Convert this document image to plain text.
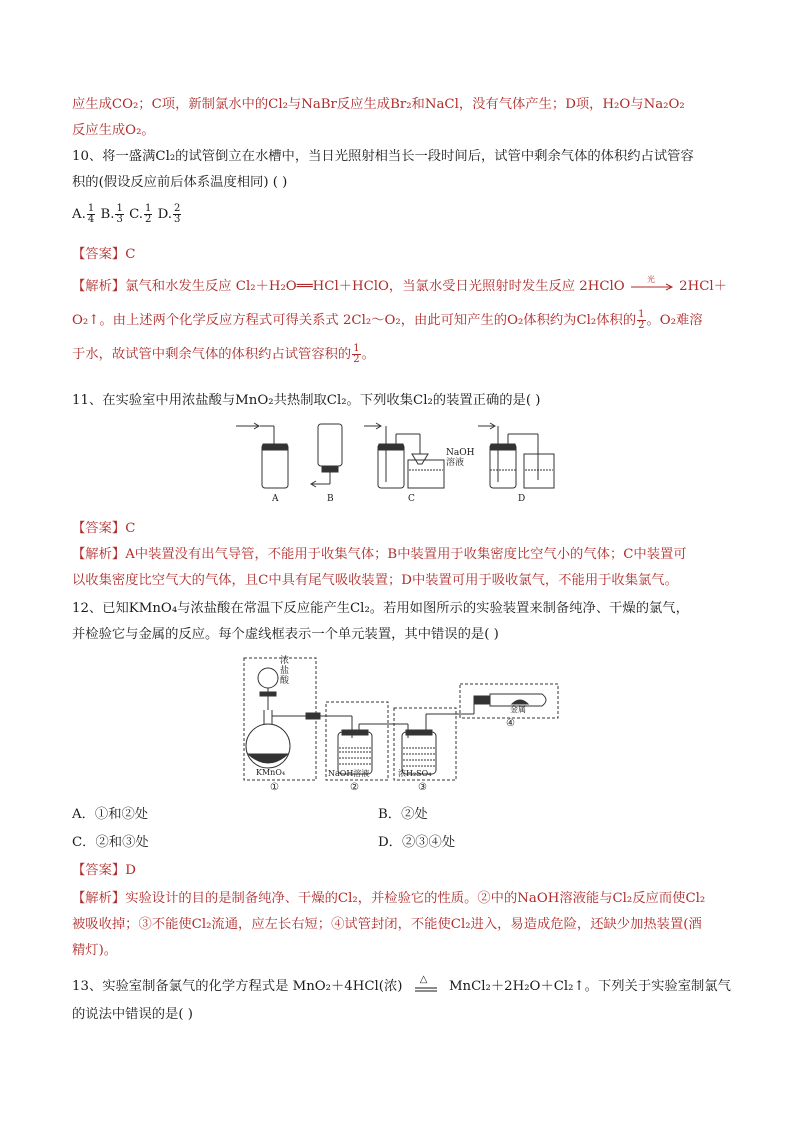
应生成CO₂；C项，新制氯水中的Cl₂与NaBr反应生成Br₂和NaCl，没有气体产生；D项，H₂O与Na₂O₂
反应生成O₂。
10、将一盛满Cl₂的试管倒立在水槽中，当日光照射相当长一段时间后，试管中剩余气体的体积约占试管容
积的(假设反应前后体系温度相同) ( )
A. $\frac{1}{4} B$. $\frac{1}{3} C$. $\frac{1}{2} D$. $\frac{2}{3}$
【答案】C
【解析】氯气和水发生反应 Cl₂＋H₂O══HCl＋HClO，当氯水受日光照射时发生反应 2HClO	光 2HCl＋
O₂↑。由上述两个化学反应方程式可得关系式 2Cl₂～O₂，由此可知产生的O₂体积约为Cl₂体积的 $\frac{1}{2}$ 。O₂难溶
于水，故试管中剩余气体的体积约占试管容积的 $\frac{1}{2}$ 。
11、在实验室中用浓盐酸与MnO₂共热制取Cl₂。下列收集Cl₂的装置正确的是( )
A	B	C	D
NaOH
溶液
【答案】C
【解析】A中装置没有出气导管，不能用于收集气体；B中装置用于收集密度比空气小的气体；C中装置可
以收集密度比空气大的气体，且C中具有尾气吸收装置；D中装置可用于吸收氯气，不能用于收集氯气。
12、已知KMnO₄与浓盐酸在常温下反应能产生Cl₂。若用如图所示的实验装置来制备纯净、干燥的氯气，
并检验它与金属的反应。每个虚线框表示一个单元装置，其中错误的是( )
浓
盐
酸
KMnO₄	NaOH溶液	浓H₂SO₄
金属
①	②	③
④
A．①和②处	B．②处
C．②和③处	D．②③④处
【答案】D
【解析】实验设计的目的是制备纯净、干燥的Cl₂，并检验它的性质。②中的NaOH溶液能与Cl₂反应而使Cl₂
被吸收掉；③不能使Cl₂流通，应左长右短；④试管封闭，不能使Cl₂进入，易造成危险，还缺少加热装置(酒
精灯)。
13、实验室制备氯气的化学方程式是 MnO₂＋4HCl(浓) △ MnCl₂＋2H₂O＋Cl₂↑。下列关于实验室制氯气
的说法中错误的是( )
